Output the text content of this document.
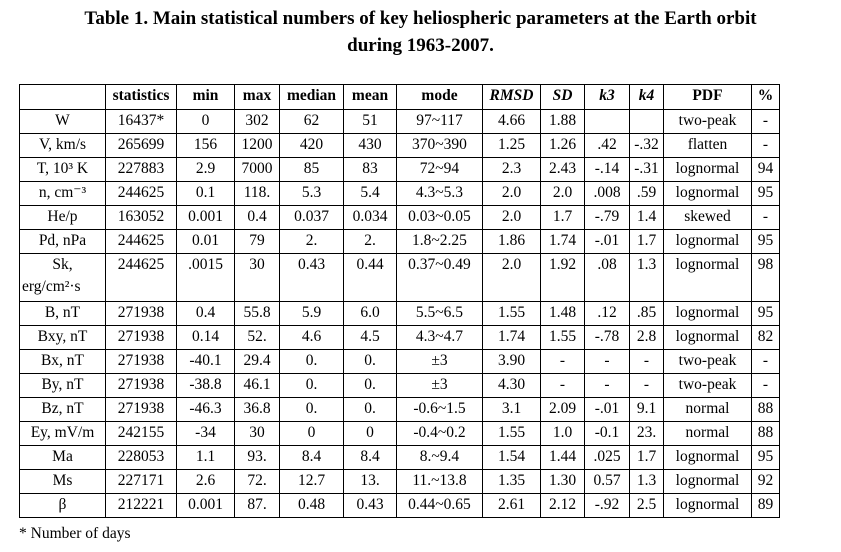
Table 1. Main statistical numbers of key heliospheric parameters at the Earth orbit
during 1963-2007.
	statistics	min	max	median	mean	mode	RMSD	SD	k3	k4	PDF	%
W	16437*	0	302	62	51	97~117	4.66	1.88			two-peak	-
V, km/s	265699	156	1200	420	430	370~390	1.25	1.26	.42	-.32	flatten	-
T, 10³ K	227883	2.9	7000	85	83	72~94	2.3	2.43	-.14	-.31	lognormal	94
n, cm⁻³	244625	0.1	118.	5.3	5.4	4.3~5.3	2.0	2.0	.008	.59	lognormal	95
He/p	163052	0.001	0.4	0.037	0.034	0.03~0.05	2.0	1.7	-.79	1.4	skewed	-
Pd, nPa	244625	0.01	79	2.	2.	1.8~2.25	1.86	1.74	-.01	1.7	lognormal	95
Sk,
erg/cm²·s	244625	.0015	30	0.43	0.44	0.37~0.49	2.0	1.92	.08	1.3	lognormal	98
B, nT	271938	0.4	55.8	5.9	6.0	5.5~6.5	1.55	1.48	.12	.85	lognormal	95
Bxy, nT	271938	0.14	52.	4.6	4.5	4.3~4.7	1.74	1.55	-.78	2.8	lognormal	82
Bx, nT	271938	-40.1	29.4	0.	0.	±3	3.90	-	-	-	two-peak	-
By, nT	271938	-38.8	46.1	0.	0.	±3	4.30	-	-	-	two-peak	-
Bz, nT	271938	-46.3	36.8	0.	0.	-0.6~1.5	3.1	2.09	-.01	9.1	normal	88
Ey, mV/m	242155	-34	30	0	0	-0.4~0.2	1.55	1.0	-0.1	23.	normal	88
Ma	228053	1.1	93.	8.4	8.4	8.~9.4	1.54	1.44	.025	1.7	lognormal	95
Ms	227171	2.6	72.	12.7	13.	11.~13.8	1.35	1.30	0.57	1.3	lognormal	92
β	212221	0.001	87.	0.48	0.43	0.44~0.65	2.61	2.12	-.92	2.5	lognormal	89
* Number of days
